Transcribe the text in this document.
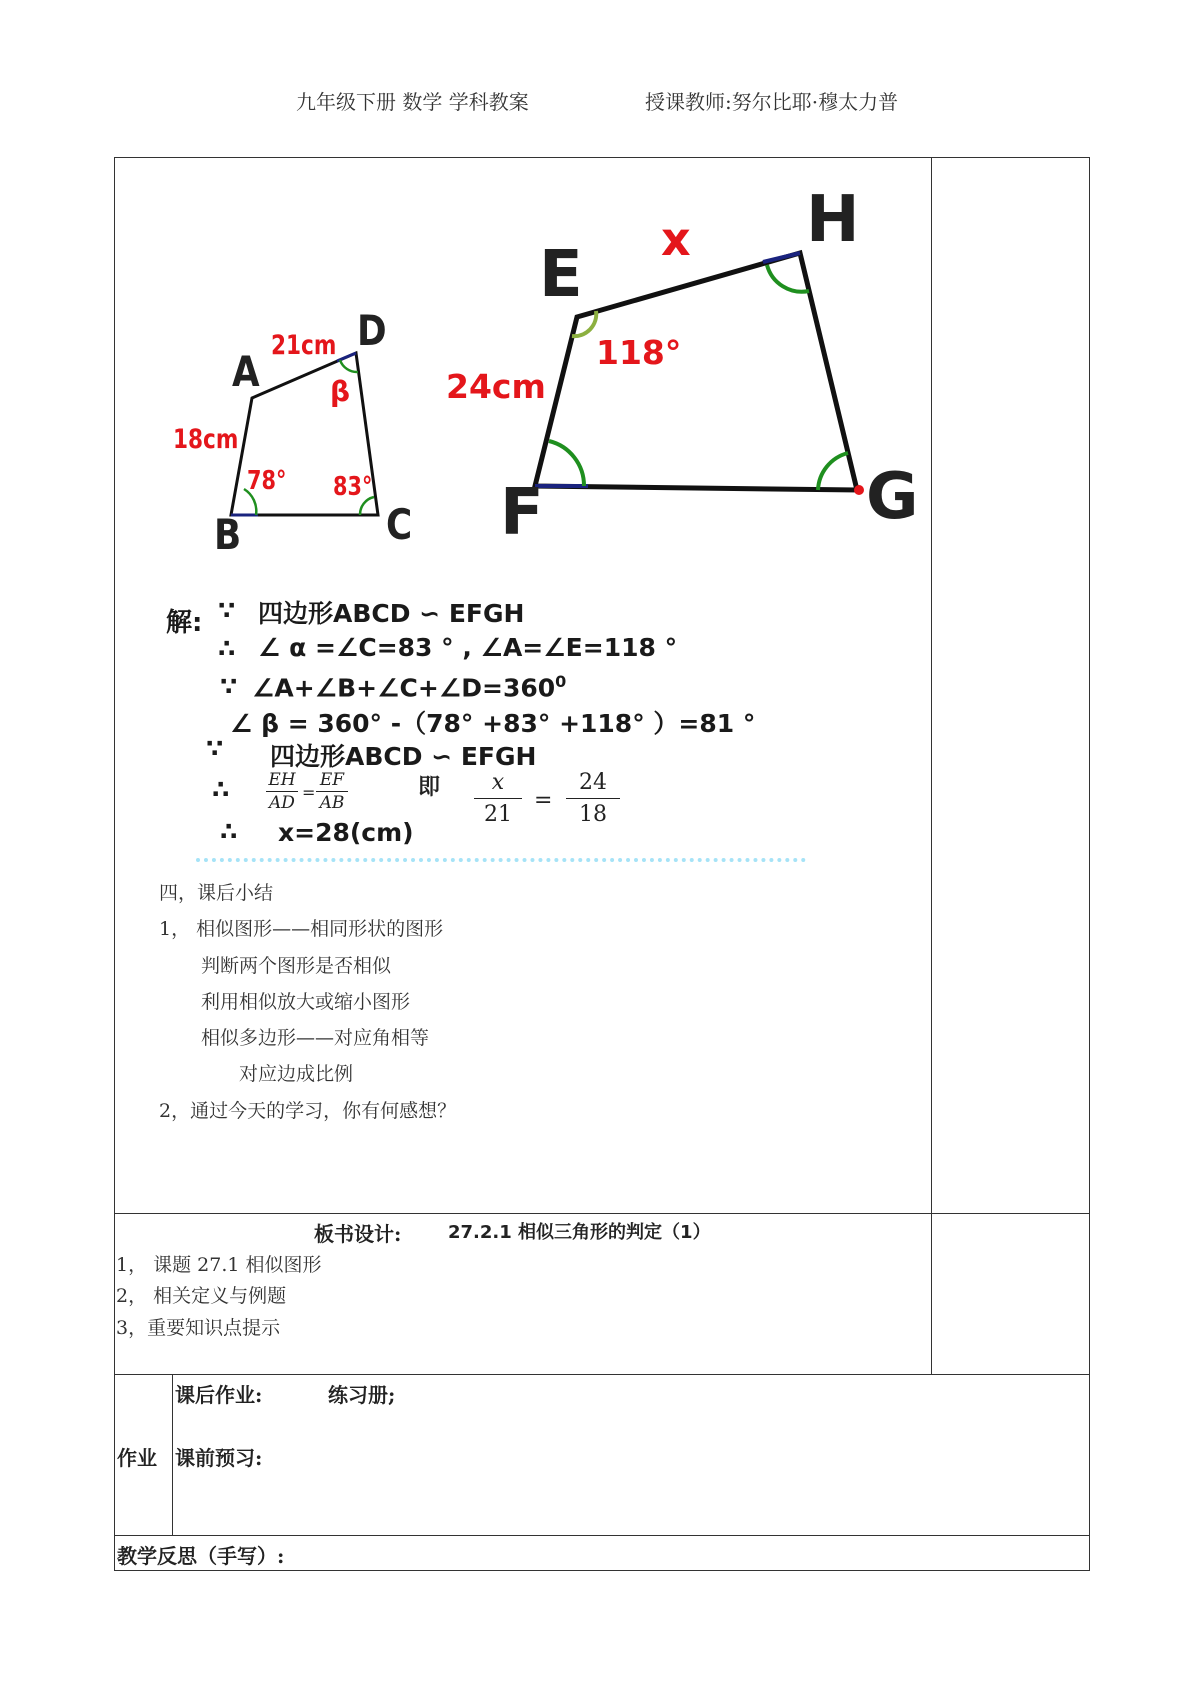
九年级下册 数学 学科教案	授课教师:努尔比耶·穆太力普
A
B	C
D
21cm
18cm
78° 83°
β
E
F	G
H
x
24cm
118°
解: ∵ 四边形ABCD ∽ EFGH
∴ ∠ α =∠C=83 ° , ∠A=∠E=118 °
∵ $\angle A+\angle B+\angle C+\angle D=360^0$
∠ β = 360° -（78° +83° +118° ）=81 °
∵ 四边形ABCD ∽ EFGH
∴ EH
AD
=
EF
AB
即	x
21
=
24
18
∴ x=28(cm)
四，课后小结
1， 相似图形——相同形状的图形
判断两个图形是否相似
利用相似放大或缩小图形
相似多边形——对应角相等
对应边成比例
2，通过今天的学习，你有何感想？
板书设计:	27.2.1 相似三角形的判定（1）
1， 课题 27.1 相似图形
2， 相关定义与例题
3，重要知识点提示
作业
课后作业:	练习册;
课前预习:
教学反思（手写）:
